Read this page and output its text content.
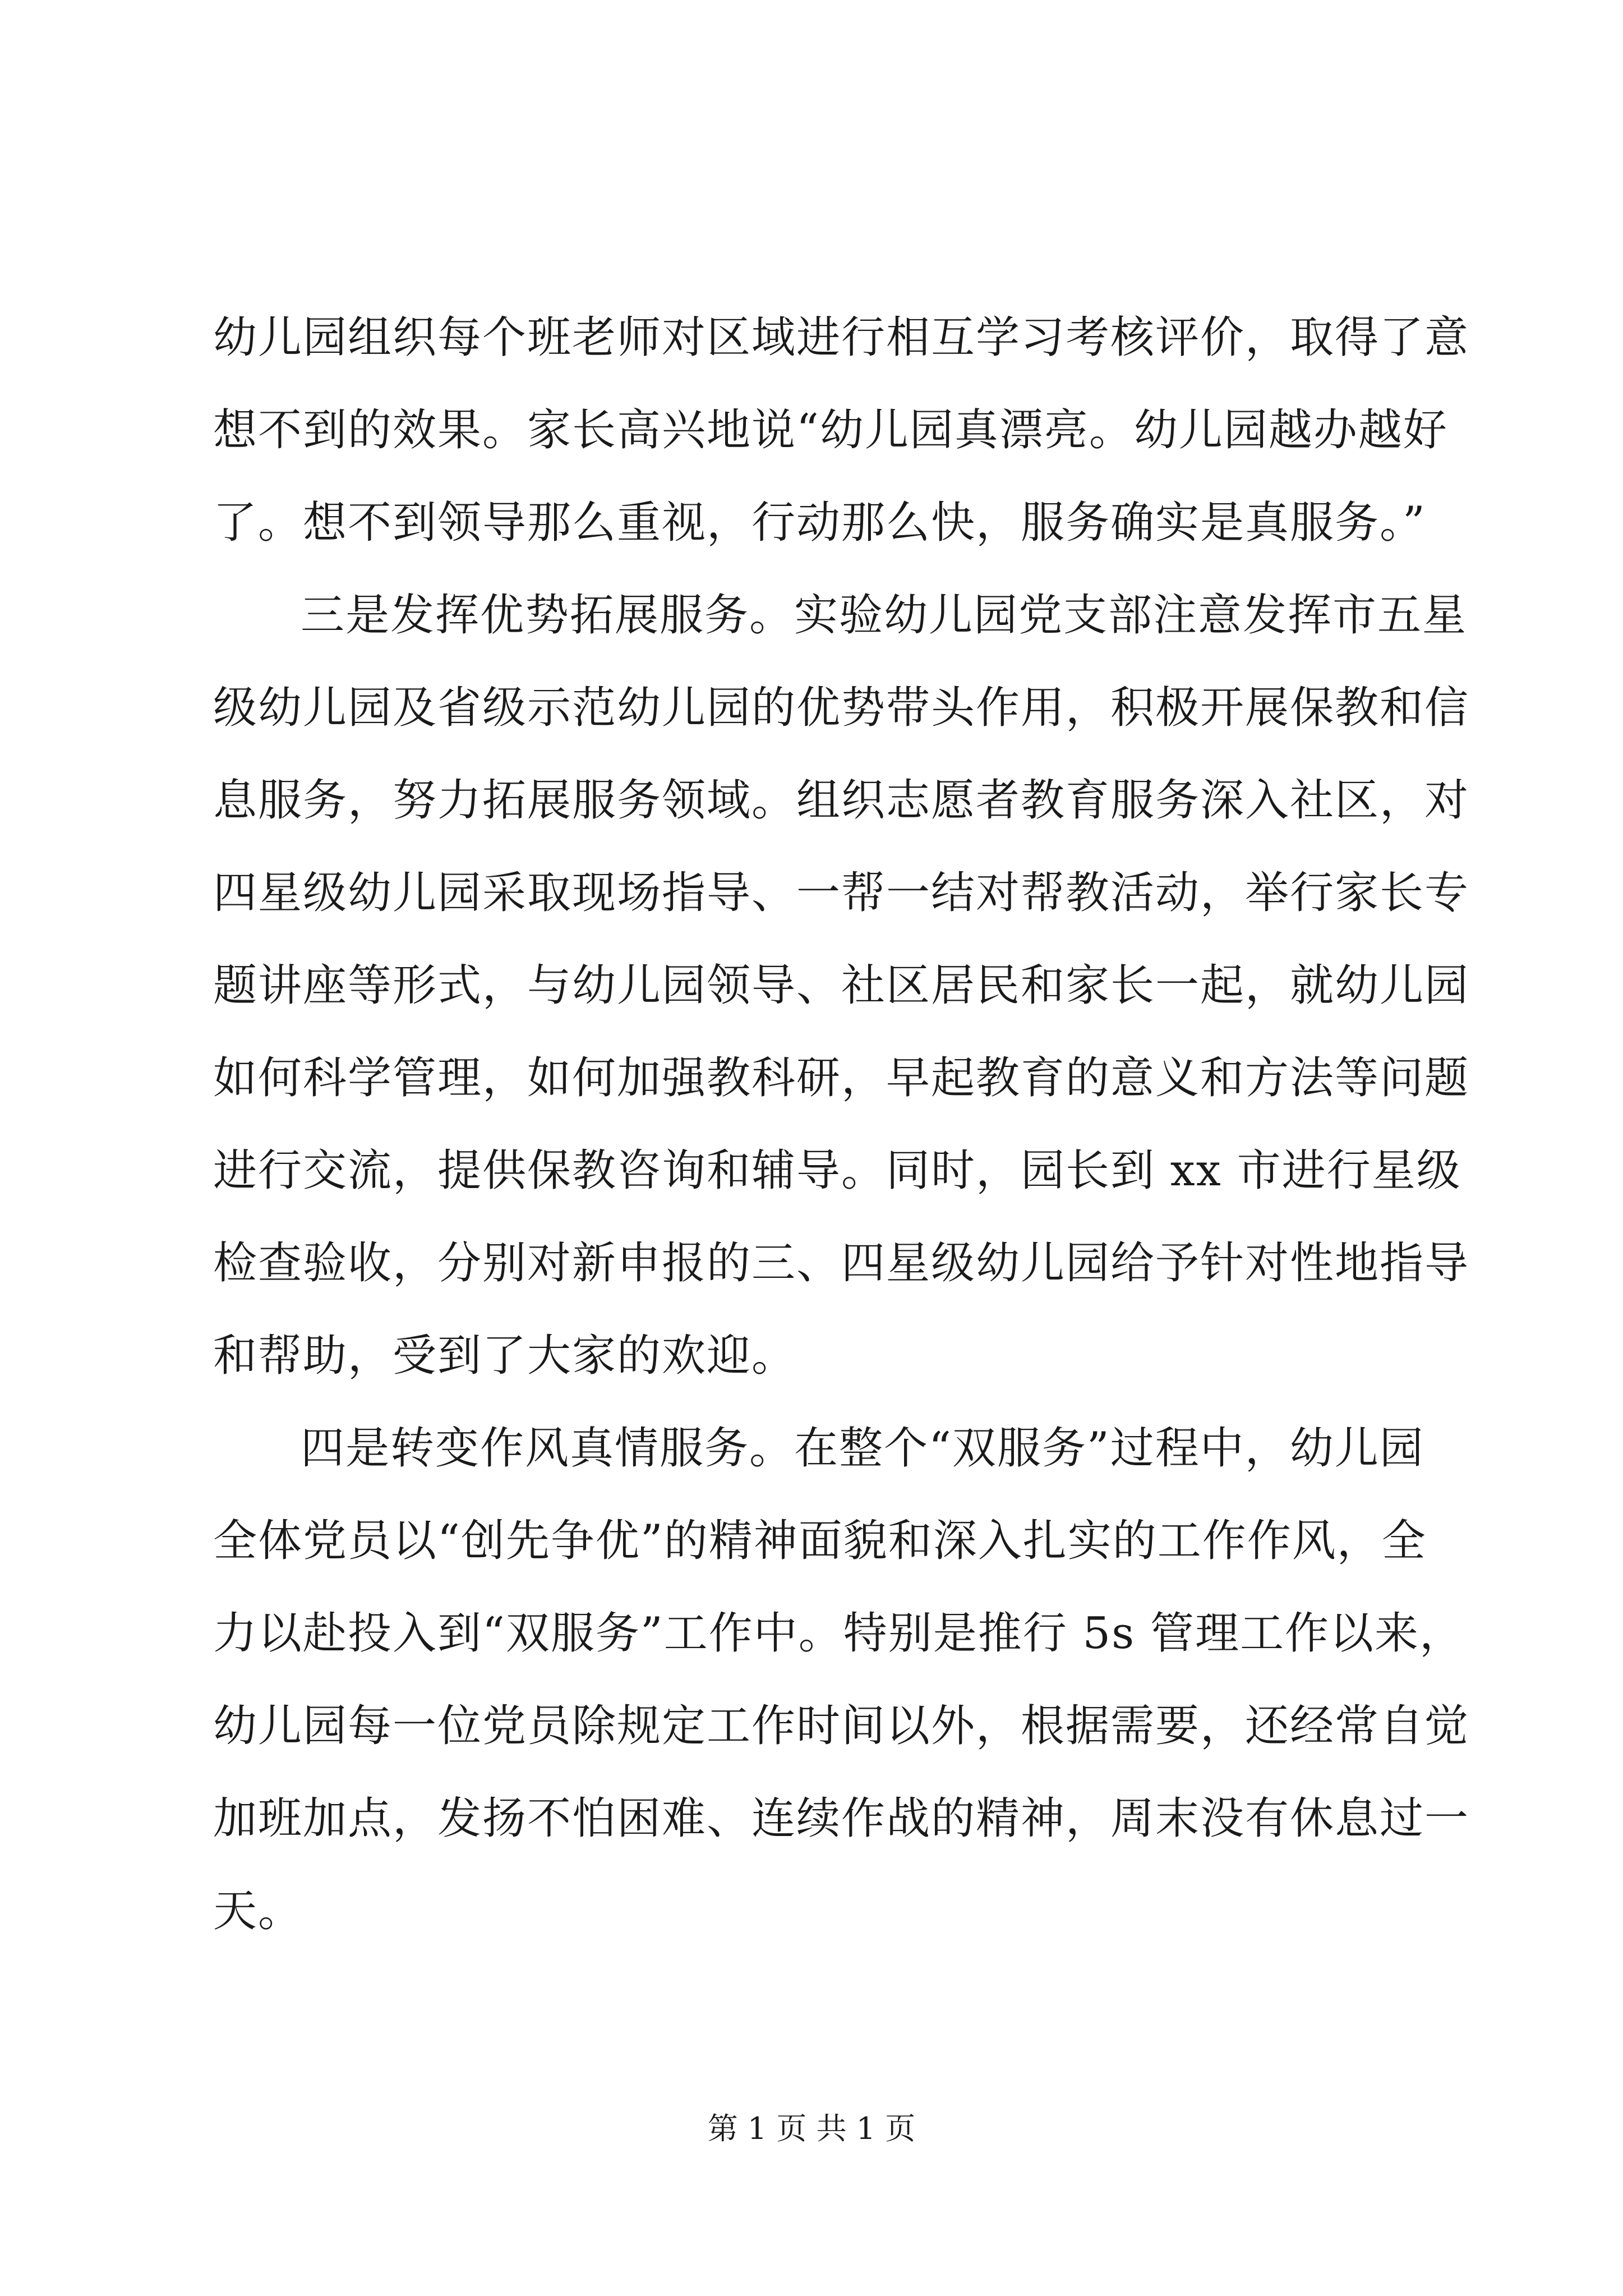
幼儿园组织每个班老师对区域进行相互学习考核评价，取得了意
想不到的效果。家长高兴地说“幼儿园真漂亮。幼儿园越办越好
了。想不到领导那么重视，行动那么快，服务确实是真服务。”
三是发挥优势拓展服务。实验幼儿园党支部注意发挥市五星
级幼儿园及省级示范幼儿园的优势带头作用，积极开展保教和信
息服务，努力拓展服务领域。组织志愿者教育服务深入社区，对
四星级幼儿园采取现场指导、一帮一结对帮教活动，举行家长专
题讲座等形式，与幼儿园领导、社区居民和家长一起，就幼儿园
如何科学管理，如何加强教科研，早起教育的意义和方法等问题
进行交流，提供保教咨询和辅导。同时，园长到 xx 市进行星级
检查验收，分别对新申报的三、四星级幼儿园给予针对性地指导
和帮助，受到了大家的欢迎。
四是转变作风真情服务。在整个“双服务”过程中，幼儿园
全体党员以“创先争优”的精神面貌和深入扎实的工作作风，全
力以赴投入到“双服务”工作中。特别是推行 5s 管理工作以来，
幼儿园每一位党员除规定工作时间以外，根据需要，还经常自觉
加班加点，发扬不怕困难、连续作战的精神，周末没有休息过一
天。
第 1 页 共 1 页
